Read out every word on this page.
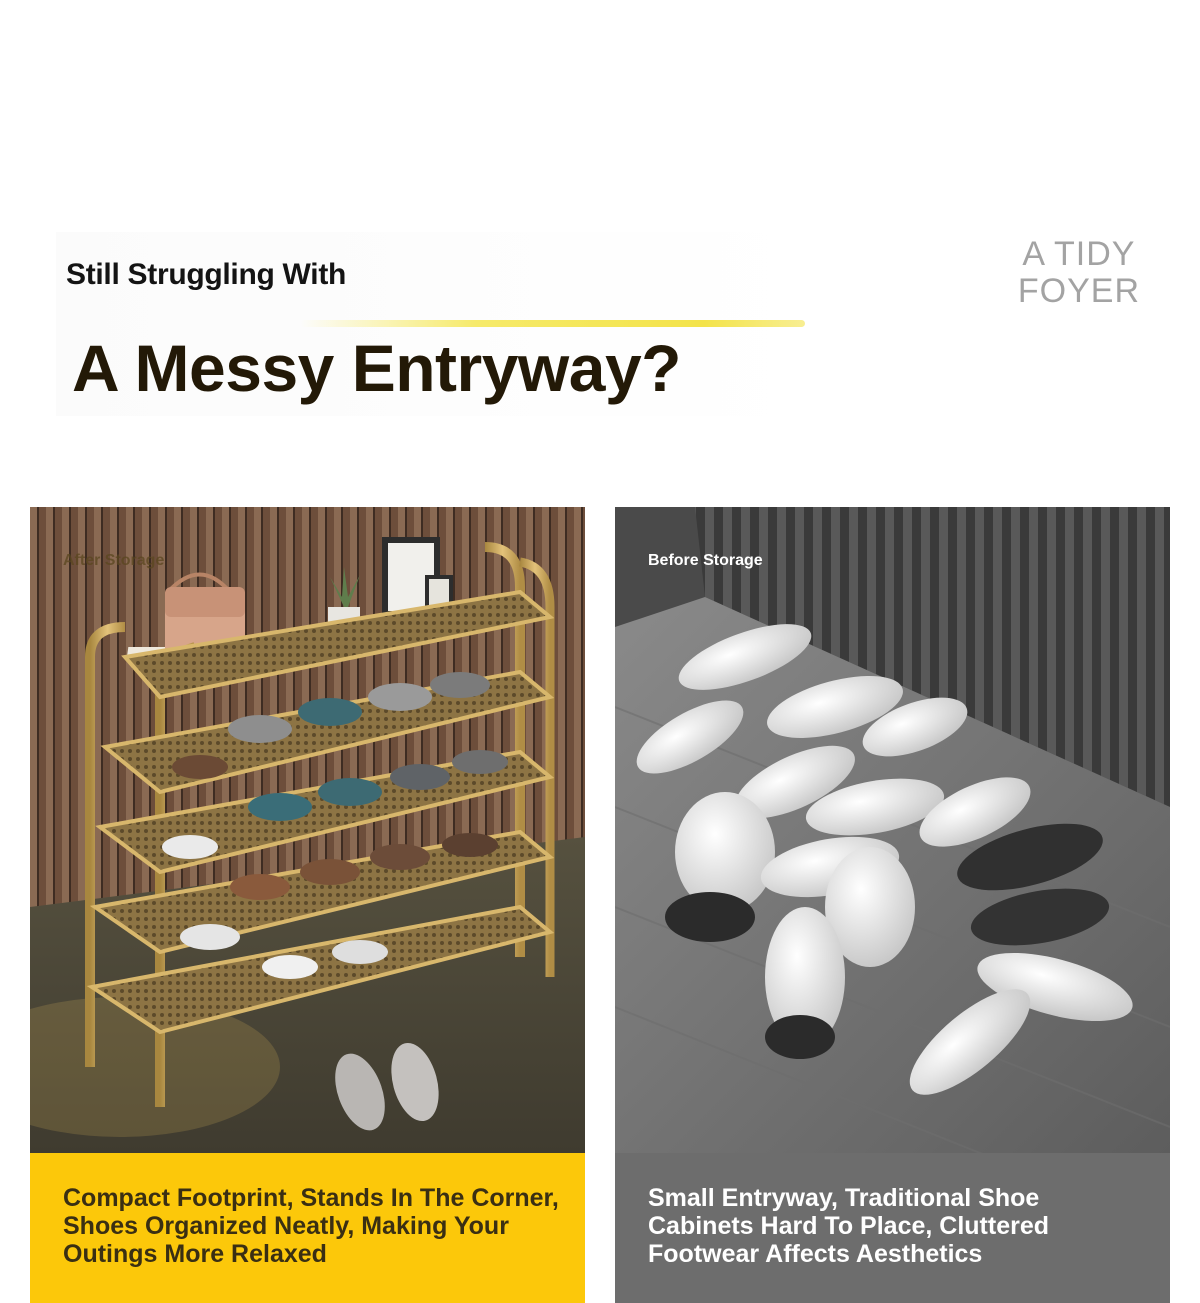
Still Struggling With
A Messy Entryway?

A TIDY
FOYER

After Storage
Compact Footprint, Stands In The Corner, Shoes Organized Neatly, Making Your Outings More Relaxed
Before Storage
Small Entryway, Traditional Shoe Cabinets Hard To Place, Cluttered Footwear Affects Aesthetics
